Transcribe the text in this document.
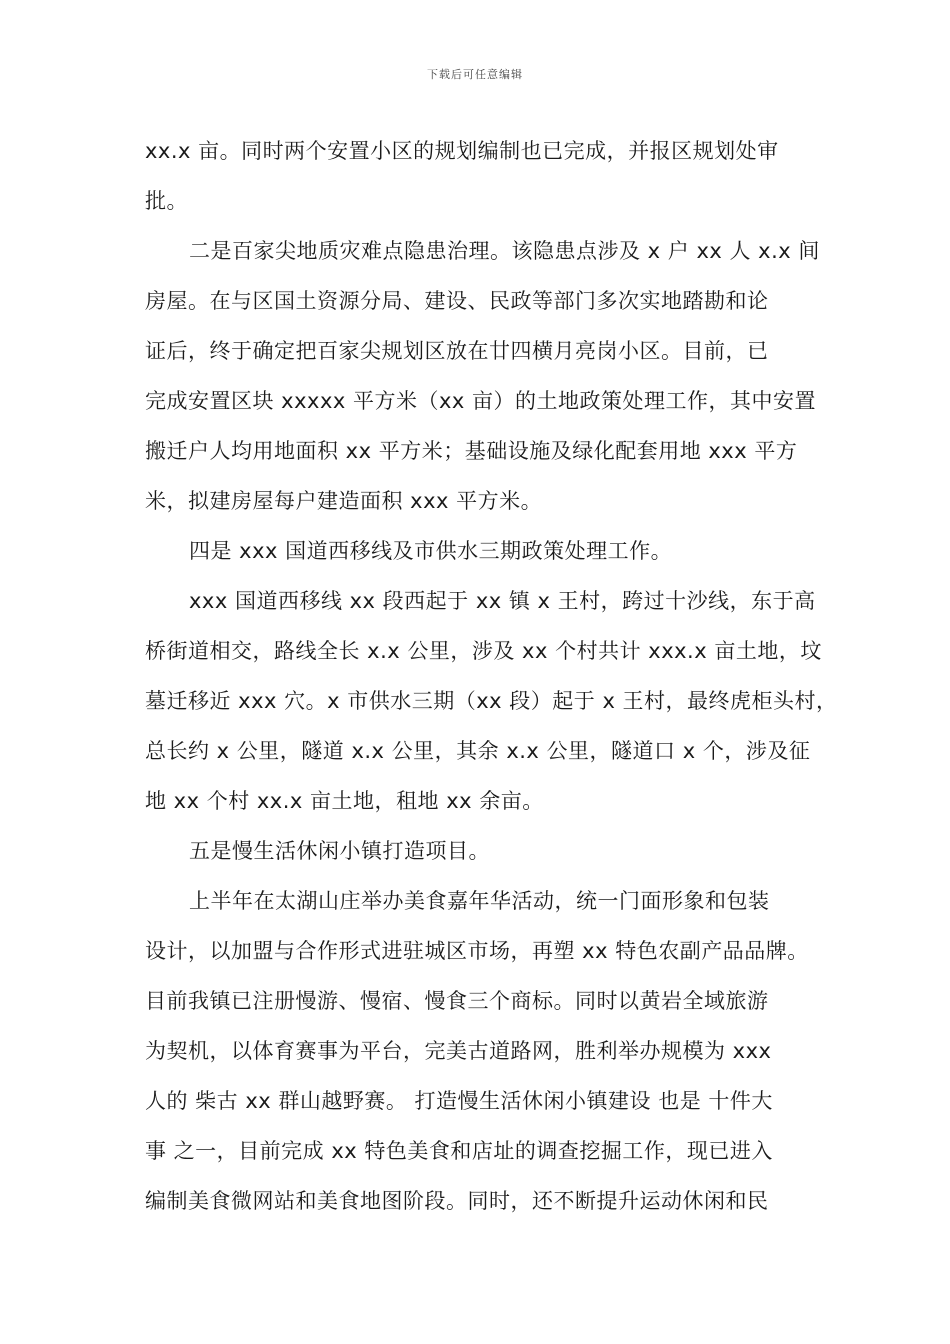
下载后可任意编辑
xx.x 亩。同时两个安置小区的规划编制也已完成，并报区规划处审
批。
二是百家尖地质灾难点隐患治理。该隐患点涉及 x 户 xx 人 x.x 间
房屋。在与区国土资源分局、建设、民政等部门多次实地踏勘和论
证后，终于确定把百家尖规划区放在廿四横月亮岗小区。目前，已
完成安置区块 xxxxx 平方米（xx 亩）的土地政策处理工作，其中安置
搬迁户人均用地面积 xx 平方米；基础设施及绿化配套用地 xxx 平方
米，拟建房屋每户建造面积 xxx 平方米。
四是 xxx 国道西移线及市供水三期政策处理工作。
xxx 国道西移线 xx 段西起于 xx 镇 x 王村，跨过十沙线，东于高
桥街道相交，路线全长 x.x 公里，涉及 xx 个村共计 xxx.x 亩土地，坟
墓迁移近 xxx 穴。x 市供水三期（xx 段）起于 x 王村，最终虎柜头村，
总长约 x 公里，隧道 x.x 公里，其余 x.x 公里，隧道口 x 个，涉及征
地 xx 个村 xx.x 亩土地，租地 xx 余亩。
五是慢生活休闲小镇打造项目。
上半年在太湖山庄举办美食嘉年华活动，统一门面形象和包装
设计，以加盟与合作形式进驻城区市场，再塑 xx 特色农副产品品牌。
目前我镇已注册慢游、慢宿、慢食三个商标。同时以黄岩全域旅游
为契机，以体育赛事为平台，完美古道路网，胜利举办规模为 xxx
人的 柴古 xx 群山越野赛。 打造慢生活休闲小镇建设 也是 十件大
事 之一，目前完成 xx 特色美食和店址的调查挖掘工作，现已进入
编制美食微网站和美食地图阶段。同时，还不断提升运动休闲和民
